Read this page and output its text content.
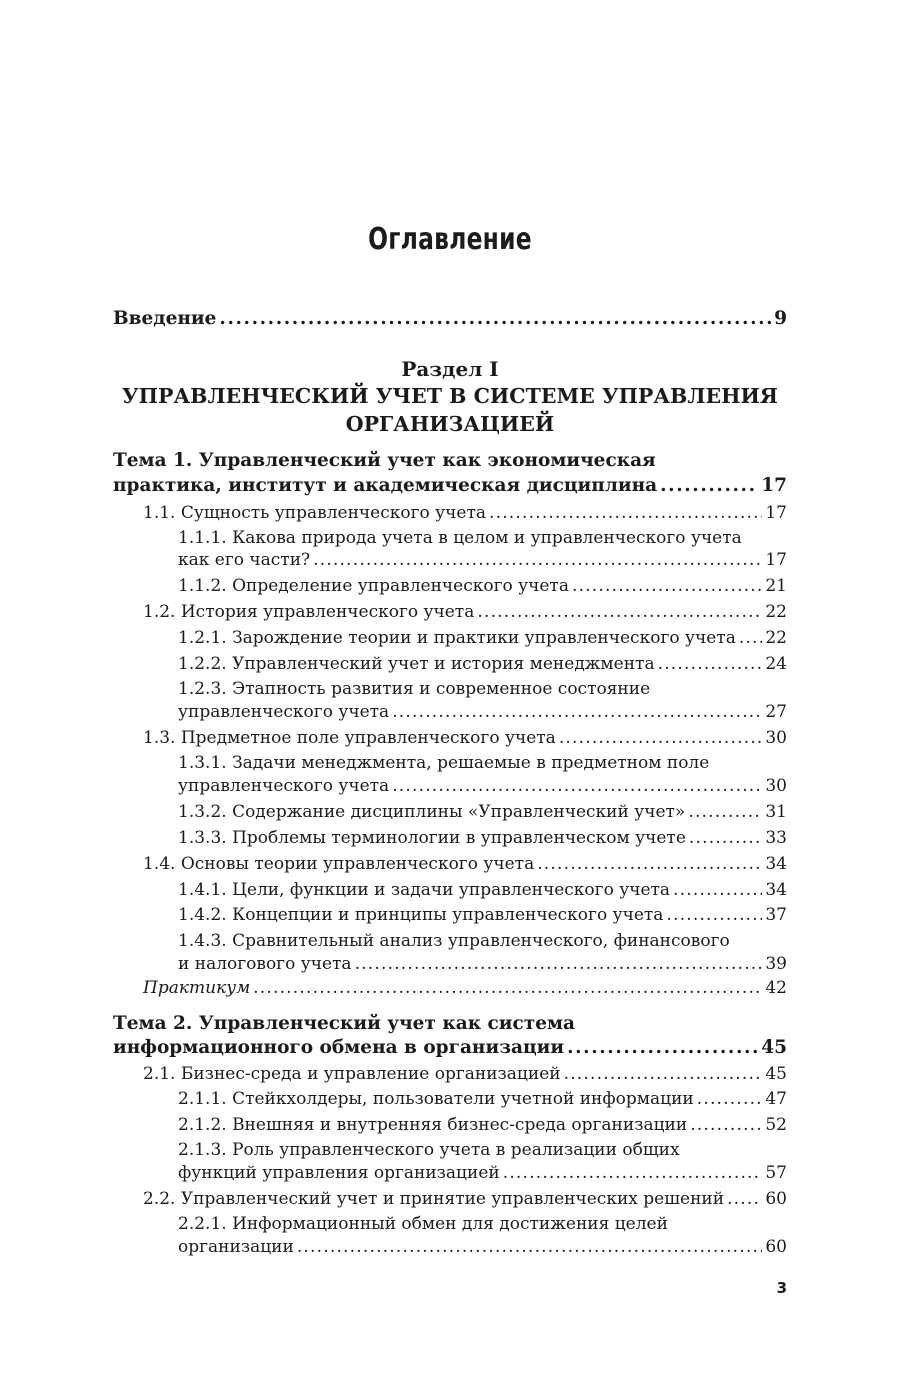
Оглавление
Введение .....	9
Раздел I
УПРАВЛЕНЧЕСКИЙ УЧЕТ В СИСТЕМЕ УПРАВЛЕНИЯ
ОРГАНИЗАЦИЕЙ
Тема 1. Управленческий учет как экономическая
практика, институт и академическая дисциплина .....	17
1.1. Сущность управленческого учета .....	17
1.1.1. Какова природа учета в целом и управленческого учета
как его части? .....	17
1.1.2. Определение управленческого учета .....	21
1.2. История управленческого учета .....	22
1.2.1. Зарождение теории и практики управленческого учета ..... 22
1.2.2. Управленческий учет и история менеджмента .....	24
1.2.3. Этапность развития и современное состояние
управленческого учета .....	27
1.3. Предметное поле управленческого учета .....	30
1.3.1. Задачи менеджмента, решаемые в предметном поле
управленческого учета .....	30
1.3.2. Содержание дисциплины «Управленческий учет» .....	31
1.3.3. Проблемы терминологии в управленческом учете .....	33
1.4. Основы теории управленческого учета .....	34
1.4.1. Цели, функции и задачи управленческого учета .....	34
1.4.2. Концепции и принципы управленческого учета .....	37
1.4.3. Сравнительный анализ управленческого, финансового
и налогового учета .....	39
Практикум .....	42
Тема 2. Управленческий учет как система
информационного обмена в организации .....	45
2.1. Бизнес-среда и управление организацией .....	45
2.1.1. Стейкхолдеры, пользователи учетной информации .....	47
2.1.2. Внешняя и внутренняя бизнес-среда организации .....	52
2.1.3. Роль управленческого учета в реализации общих
функций управления организацией .....	57
2.2. Управленческий учет и принятие управленческих решений ..... 60
2.2.1. Информационный обмен для достижения целей
организации .....	60
3
